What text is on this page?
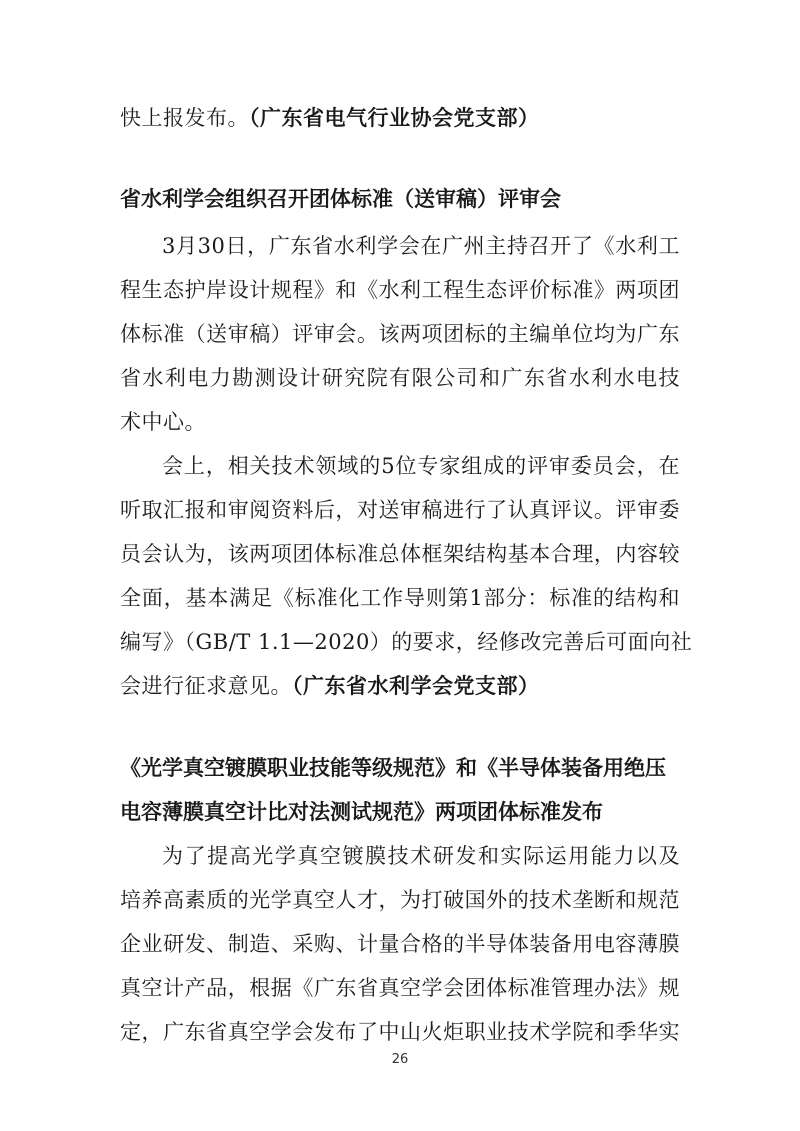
快上报发布。（广东省电气行业协会党支部）
省水利学会组织召开团体标准（送审稿）评审会
3月30日，广东省水利学会在广州主持召开了《水利工
程生态护岸设计规程》和《水利工程生态评价标准》两项团
体标准（送审稿）评审会。该两项团标的主编单位均为广东
省水利电力勘测设计研究院有限公司和广东省水利水电技
术中心。
会上，相关技术领域的5位专家组成的评审委员会，在
听取汇报和审阅资料后，对送审稿进行了认真评议。评审委
员会认为，该两项团体标准总体框架结构基本合理，内容较
全面，基本满足《标准化工作导则第1部分：标准的结构和
编写》（GB/T 1.1—2020）的要求，经修改完善后可面向社
会进行征求意见。（广东省水利学会党支部）
《光学真空镀膜职业技能等级规范》和《半导体装备用绝压
电容薄膜真空计比对法测试规范》两项团体标准发布
为了提高光学真空镀膜技术研发和实际运用能力以及
培养高素质的光学真空人才，为打破国外的技术垄断和规范
企业研发、制造、采购、计量合格的半导体装备用电容薄膜
真空计产品，根据《广东省真空学会团体标准管理办法》规
定，广东省真空学会发布了中山火炬职业技术学院和季华实
26
